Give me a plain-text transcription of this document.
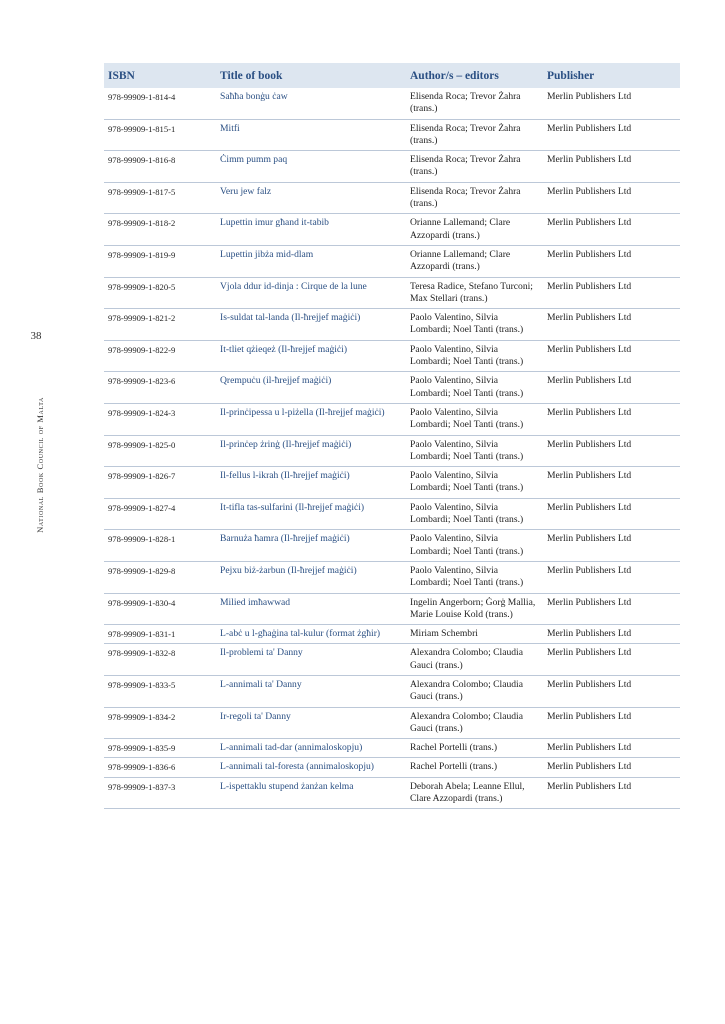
38
National Book Council of Malta
ISBN	Title of book	Author/s – editors	Publisher
978-99909-1-814-4	Saħħa bonġu ċaw	Elisenda Roca; Trevor Żahra (trans.)	Merlin Publishers Ltd
978-99909-1-815-1	Mitfi	Elisenda Roca; Trevor Żahra (trans.)	Merlin Publishers Ltd
978-99909-1-816-8	Ċimm pumm paq	Elisenda Roca; Trevor Żahra (trans.)	Merlin Publishers Ltd
978-99909-1-817-5	Veru jew falz	Elisenda Roca; Trevor Żahra (trans.)	Merlin Publishers Ltd
978-99909-1-818-2	Lupettin imur għand it-tabib	Orianne Lallemand; Clare Azzopardi (trans.)	Merlin Publishers Ltd
978-99909-1-819-9	Lupettin jibża mid-dlam	Orianne Lallemand; Clare Azzopardi (trans.)	Merlin Publishers Ltd
978-99909-1-820-5	Vjola ddur id-dinja : Cirque de la lune	Teresa Radice, Stefano Turconi; Max Stellari (trans.)	Merlin Publishers Ltd
978-99909-1-821-2	Is-suldat tal-landa (Il-ħrejjef maġiċi)	Paolo Valentino, Silvia Lombardi; Noel Tanti (trans.)	Merlin Publishers Ltd
978-99909-1-822-9	It-tliet qżieqeż (Il-ħrejjef maġiċi)	Paolo Valentino, Silvia Lombardi; Noel Tanti (trans.)	Merlin Publishers Ltd
978-99909-1-823-6	Qrempuċu (il-ħrejjef maġiċi)	Paolo Valentino, Silvia Lombardi; Noel Tanti (trans.)	Merlin Publishers Ltd
978-99909-1-824-3	Il-prinċipessa u l-piżella (Il-ħrejjef maġiċi)	Paolo Valentino, Silvia Lombardi; Noel Tanti (trans.)	Merlin Publishers Ltd
978-99909-1-825-0	Il-prinċep żrinġ (Il-ħrejjef maġiċi)	Paolo Valentino, Silvia Lombardi; Noel Tanti (trans.)	Merlin Publishers Ltd
978-99909-1-826-7	Il-fellus l-ikrah (Il-ħrejjef maġiċi)	Paolo Valentino, Silvia Lombardi; Noel Tanti (trans.)	Merlin Publishers Ltd
978-99909-1-827-4	It-tifla tas-sulfarini (Il-ħrejjef maġiċi)	Paolo Valentino, Silvia Lombardi; Noel Tanti (trans.)	Merlin Publishers Ltd
978-99909-1-828-1	Barnuża ħamra (Il-ħrejjef maġiċi)	Paolo Valentino, Silvia Lombardi; Noel Tanti (trans.)	Merlin Publishers Ltd
978-99909-1-829-8	Pejxu biż-żarbun (Il-ħrejjef maġiċi)	Paolo Valentino, Silvia Lombardi; Noel Tanti (trans.)	Merlin Publishers Ltd
978-99909-1-830-4	Milied imħawwad	Ingelin Angerborn; Ġorġ Mallia, Marie Louise Kold (trans.)	Merlin Publishers Ltd
978-99909-1-831-1	L-abċ u l-għaġina tal-kulur (format żgħir)	Miriam Schembri	Merlin Publishers Ltd
978-99909-1-832-8	Il-problemi ta' Danny	Alexandra Colombo; Claudia Gauci (trans.)	Merlin Publishers Ltd
978-99909-1-833-5	L-annimali ta' Danny	Alexandra Colombo; Claudia Gauci (trans.)	Merlin Publishers Ltd
978-99909-1-834-2	Ir-regoli ta' Danny	Alexandra Colombo; Claudia Gauci (trans.)	Merlin Publishers Ltd
978-99909-1-835-9	L-annimali tad-dar (annimaloskopju)	Rachel Portelli (trans.)	Merlin Publishers Ltd
978-99909-1-836-6	L-annimali tal-foresta (annimaloskopju)	Rachel Portelli (trans.)	Merlin Publishers Ltd
978-99909-1-837-3	L-ispettaklu stupend żanżan kelma	Deborah Abela; Leanne Ellul, Clare Azzopardi (trans.)	Merlin Publishers Ltd
